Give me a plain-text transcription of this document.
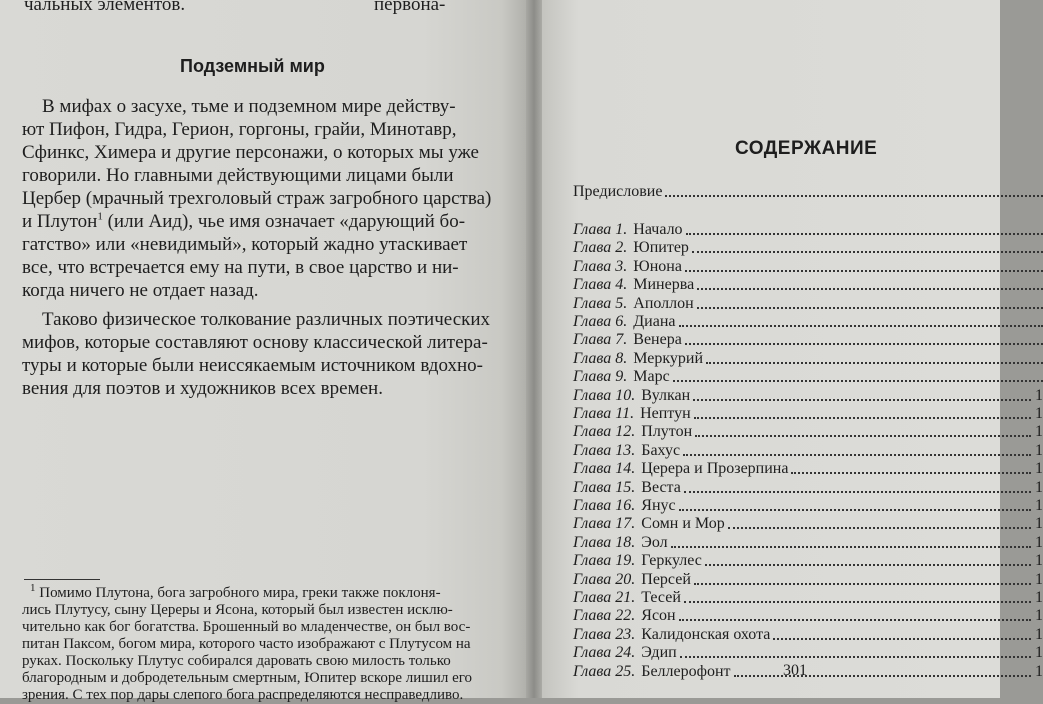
чальных элементов.	первона-
Подземный мир
В мифах о засухе, тьме и подземном мире действу-
ют Пифон, Гидра, Герион, горгоны, грайи, Минотавр,
Сфинкс, Химера и другие персонажи, о которых мы уже
говорили. Но главными действующими лицами были
Цербер (мрачный трехголовый страж загробного царства)
и Плутон$^1$ (или Аид), чье имя означает «дарующий бо-
гатство» или «невидимый», который жадно утаскивает
все, что встречается ему на пути, в свое царство и ни-
когда ничего не отдает назад.
Таково физическое толкование различных поэтических
мифов, которые составляют основу классической литера-
туры и которые были неиссякаемым источником вдохно-
вения для поэтов и художников всех времен.
$^1$ Помимо Плутона, бога загробного мира, греки также поклоня-
лись Плутусу, сыну Цереры и Ясона, который был известен исклю-
чительно как бог богатства. Брошенный во младенчестве, он был вос-
питан Паксом, богом мира, которого часто изображают с Плутусом на
руках. Поскольку Плутус собирался даровать свою милость только
благородным и добродетельным смертным, Юпитер вскоре лишил его
зрения. С тех пор дары слепого бога распределяются несправедливо.
СОДЕРЖАНИЕ
Предисловие
Глава 1. Начало
Глава 2. Юпитер
Глава 3. Юнона
Глава 4. Минерва
Глава 5. Аполлон
Глава 6. Диана
Глава 7. Венера
Глава 8. Меркурий
Глава 9. Марс
Глава 10. Вулкан	1
Глава 11. Нептун	1
Глава 12. Плутон	1
Глава 13. Бахус	1
Глава 14. Церера и Прозерпина	1
Глава 15. Веста	1
Глава 16. Янус	1
Глава 17. Сомн и Мор	1
Глава 18. Эол	1
Глава 19. Геркулес	1
Глава 20. Персей	1
Глава 21. Тесей	1
Глава 22. Ясон	1
Глава 23. Калидонская охота	1
Глава 24. Эдип	1
Глава 25. Беллерофонт	1
301
